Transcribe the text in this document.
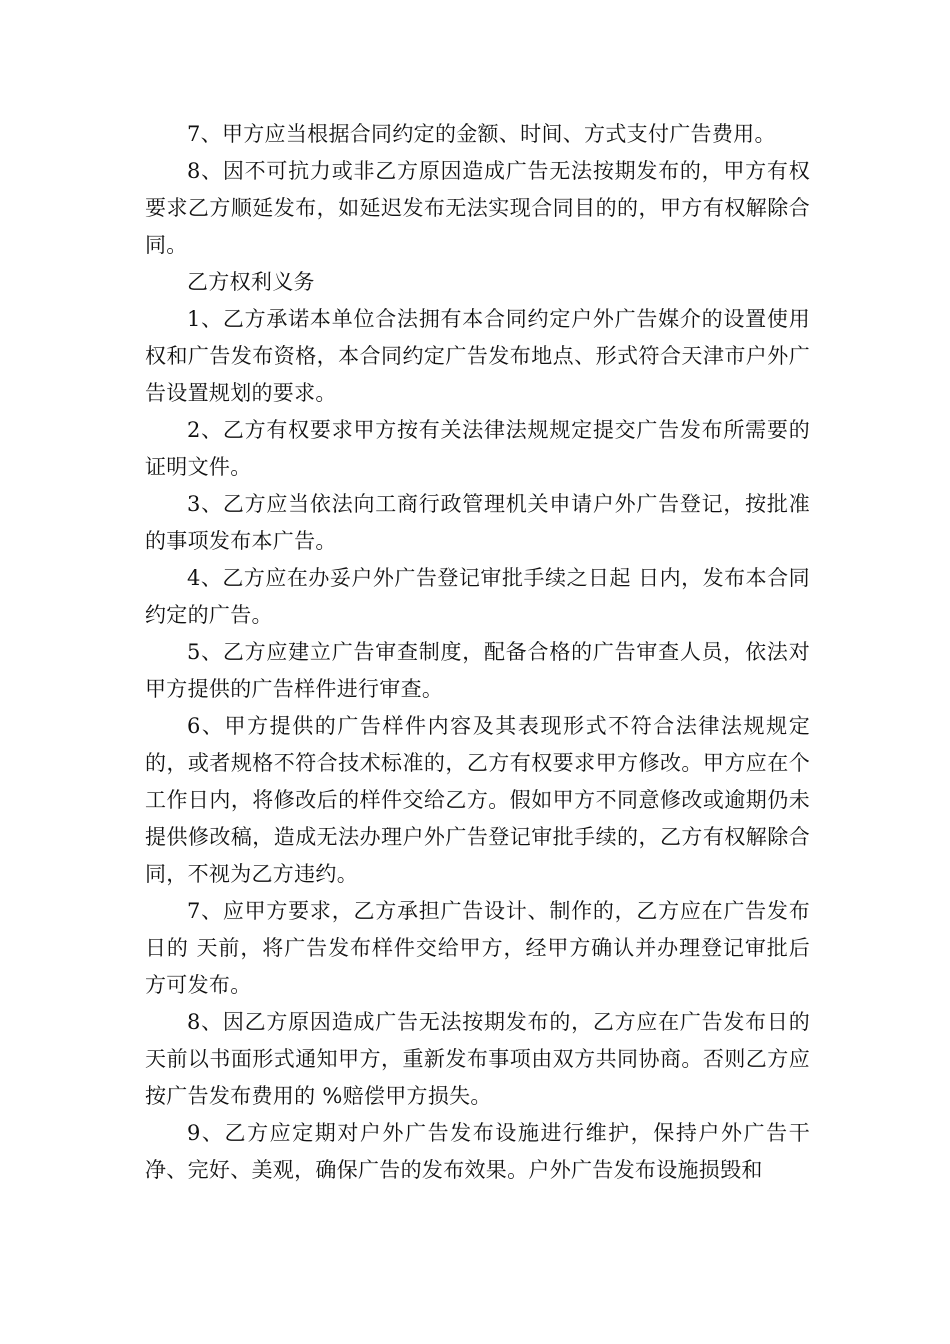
7、甲方应当根据合同约定的金额、时间、方式支付广告费用。

8、因不可抗力或非乙方原因造成广告无法按期发布的，甲方有权要求乙方顺延发布，如延迟发布无法实现合同目的的，甲方有权解除合同。

乙方权利义务

1、乙方承诺本单位合法拥有本合同约定户外广告媒介的设置使用权和广告发布资格，本合同约定广告发布地点、形式符合天津市户外广告设置规划的要求。

2、乙方有权要求甲方按有关法律法规规定提交广告发布所需要的证明文件。

3、乙方应当依法向工商行政管理机关申请户外广告登记，按批准的事项发布本广告。

4、乙方应在办妥户外广告登记审批手续之日起 日内，发布本合同约定的广告。

5、乙方应建立广告审查制度，配备合格的广告审查人员，依法对甲方提供的广告样件进行审查。

6、甲方提供的广告样件内容及其表现形式不符合法律法规规定的，或者规格不符合技术标准的，乙方有权要求甲方修改。甲方应在个工作日内，将修改后的样件交给乙方。假如甲方不同意修改或逾期仍未提供修改稿，造成无法办理户外广告登记审批手续的，乙方有权解除合同，不视为乙方违约。

7、应甲方要求，乙方承担广告设计、制作的，乙方应在广告发布日的 天前，将广告发布样件交给甲方，经甲方确认并办理登记审批后方可发布。

8、因乙方原因造成广告无法按期发布的，乙方应在广告发布日的 天前以书面形式通知甲方，重新发布事项由双方共同协商。否则乙方应按广告发布费用的 %赔偿甲方损失。

9、乙方应定期对户外广告发布设施进行维护，保持户外广告干净、完好、美观，确保广告的发布效果。户外广告发布设施损毁和
